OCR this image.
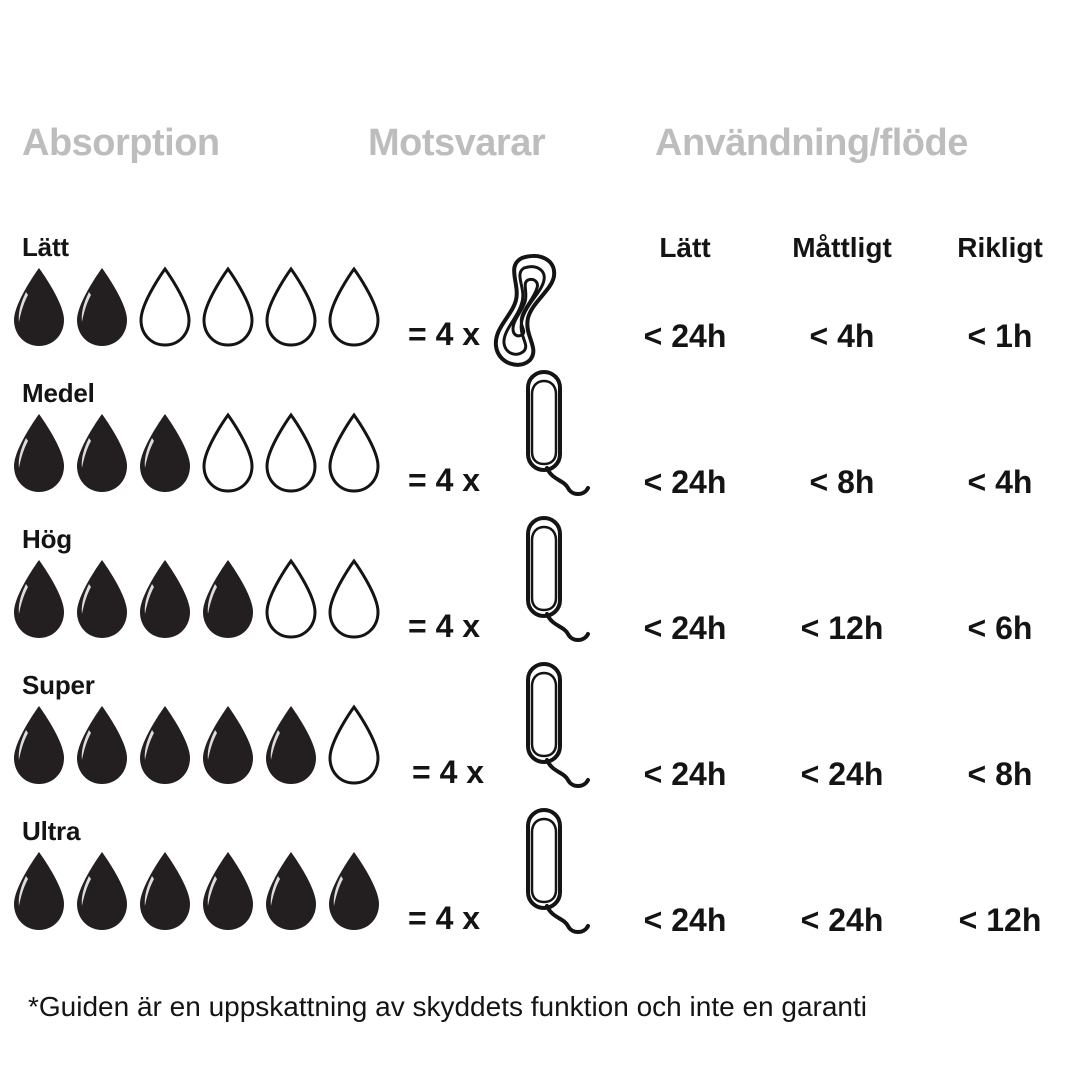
Absorption	Motsvarar	Användning/flöde
Lätt	Måttligt	Rikligt
Lätt
= 4 x	< 24h	< 4h	< 1h
Medel
= 4 x	< 24h	< 8h	< 4h
Hög
= 4 x	< 24h	< 12h	< 6h
Super
= 4 x	< 24h	< 24h	< 8h
Ultra
= 4 x	< 24h	< 24h	< 12h
*Guiden är en uppskattning av skyddets funktion och inte en garanti
